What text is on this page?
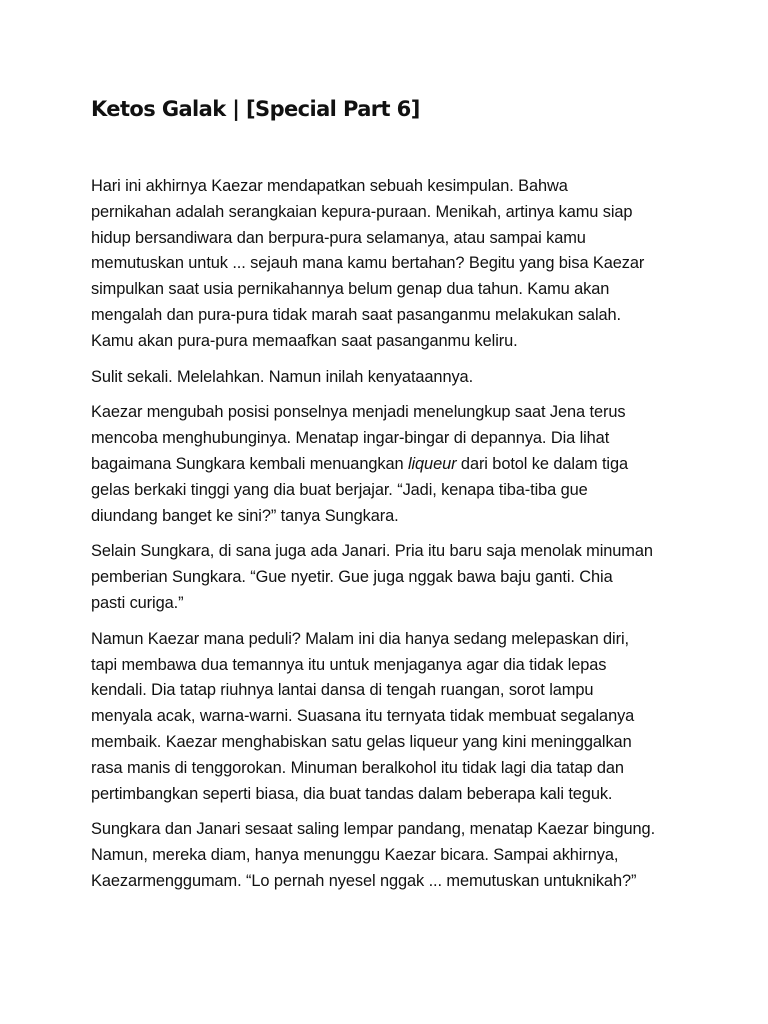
Ketos Galak | [Special Part 6]

Hari ini akhirnya Kaezar mendapatkan sebuah kesimpulan. Bahwa
pernikahan adalah serangkaian kepura-puraan. Menikah, artinya kamu siap
hidup bersandiwara dan berpura-pura selamanya, atau sampai kamu
memutuskan untuk ... sejauh mana kamu bertahan? Begitu yang bisa Kaezar
simpulkan saat usia pernikahannya belum genap dua tahun. Kamu akan
mengalah dan pura-pura tidak marah saat pasanganmu melakukan salah.
Kamu akan pura-pura memaafkan saat pasanganmu keliru.

Sulit sekali. Melelahkan. Namun inilah kenyataannya.

Kaezar mengubah posisi ponselnya menjadi menelungkup saat Jena terus
mencoba menghubunginya. Menatap ingar-bingar di depannya. Dia lihat
bagaimana Sungkara kembali menuangkan liqueur dari botol ke dalam tiga
gelas berkaki tinggi yang dia buat berjajar. “Jadi, kenapa tiba-tiba gue
diundang banget ke sini?” tanya Sungkara.

Selain Sungkara, di sana juga ada Janari. Pria itu baru saja menolak minuman
pemberian Sungkara. “Gue nyetir. Gue juga nggak bawa baju ganti. Chia
pasti curiga.”

Namun Kaezar mana peduli? Malam ini dia hanya sedang melepaskan diri,
tapi membawa dua temannya itu untuk menjaganya agar dia tidak lepas
kendali. Dia tatap riuhnya lantai dansa di tengah ruangan, sorot lampu
menyala acak, warna-warni. Suasana itu ternyata tidak membuat segalanya
membaik. Kaezar menghabiskan satu gelas liqueur yang kini meninggalkan
rasa manis di tenggorokan. Minuman beralkohol itu tidak lagi dia tatap dan
pertimbangkan seperti biasa, dia buat tandas dalam beberapa kali teguk.

Sungkara dan Janari sesaat saling lempar pandang, menatap Kaezar bingung.
Namun, mereka diam, hanya menunggu Kaezar bicara. Sampai akhirnya,
Kaezarmenggumam. “Lo pernah nyesel nggak ... memutuskan untuknikah?”
